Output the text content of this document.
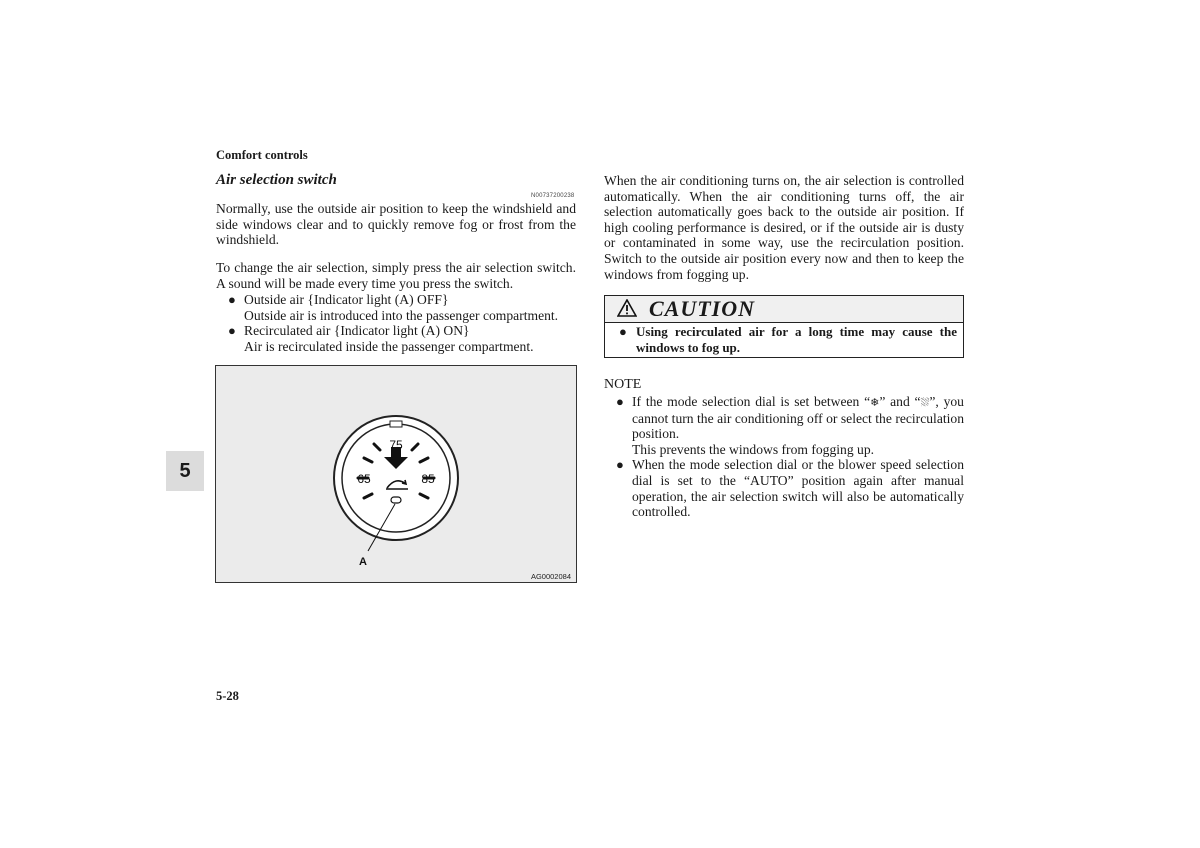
Comfort controls
Air selection switch
N00737200238
Normally, use the outside air position to keep the windshield and side windows clear and to quickly remove fog or frost from the windshield.
To change the air selection, simply press the air selection switch. A sound will be made every time you press the switch.
● Outside air {Indicator light (A) OFF}
Outside air is introduced into the passenger compartment.
● Recirculated air {Indicator light (A) ON}
Air is recirculated inside the passenger compartment.
75
65	85
A
AG0002084
5
When the air conditioning turns on, the air selection is controlled automatically. When the air conditioning turns off, the air selection automatically goes back to the outside air position. If high cooling performance is desired, or if the outside air is dusty or contaminated in some way, use the recirculation position. Switch to the outside air position every now and then to keep the windows from fogging up.
CAUTION
● Using recirculated air for a long time may cause the windows to fog up.
NOTE
● If the mode selection dial is set between “❄︎” and “⛆”, you cannot turn the air conditioning off or select the recirculation position.
This prevents the windows from fogging up.
● When the mode selection dial or the blower speed selection dial is set to the “AUTO” position again after manual operation, the air selection switch will also be automatically controlled.
5-28
